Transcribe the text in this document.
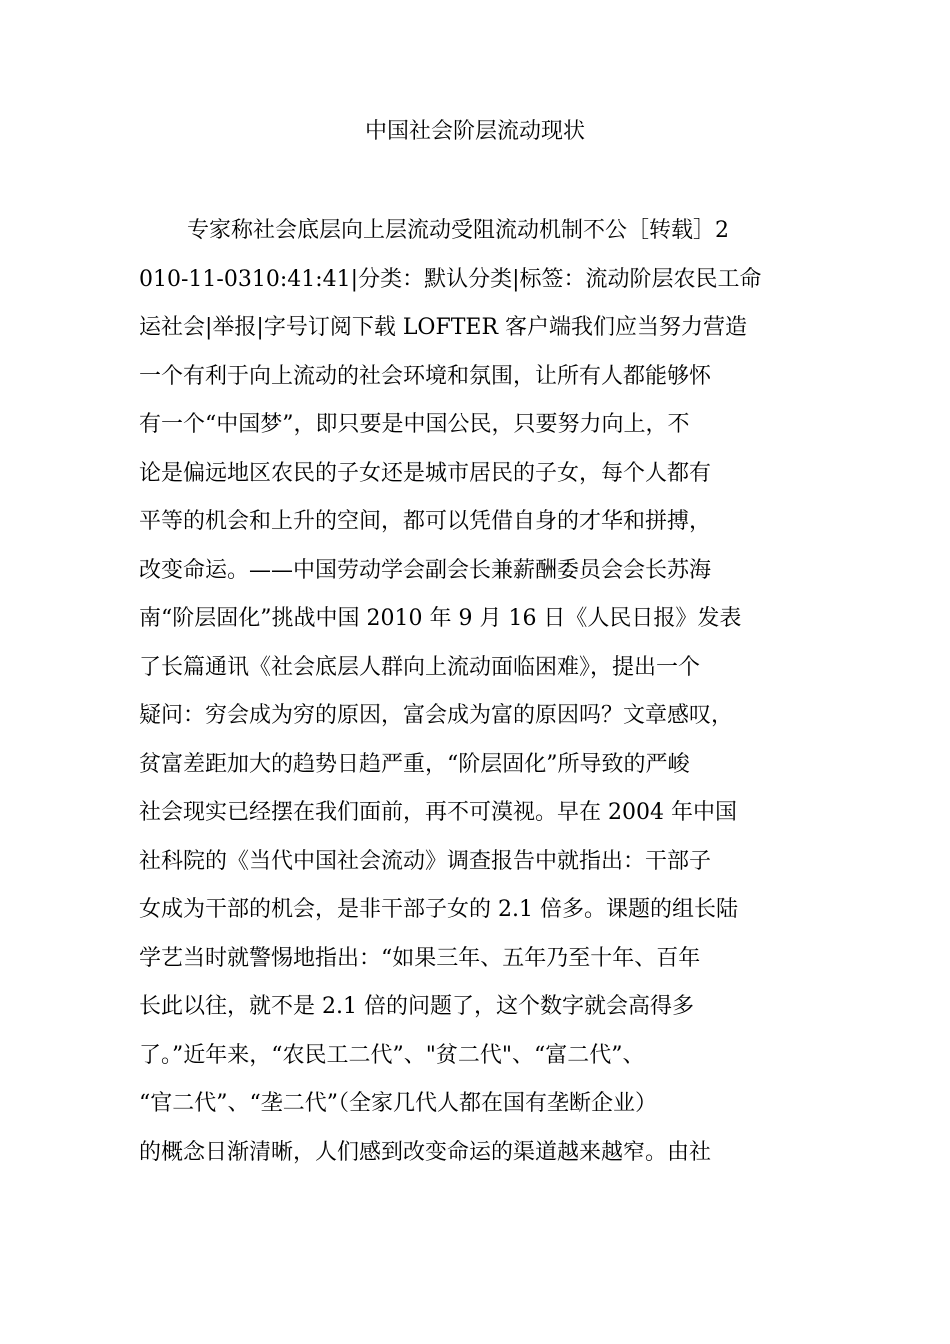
中国社会阶层流动现状
专家称社会底层向上层流动受阻流动机制不公［转载］2
010-11-0310:41:41|分类：默认分类|标签：流动阶层农民工命
运社会|举报|字号订阅下载 LOFTER 客户端我们应当努力营造
一个有利于向上流动的社会环境和氛围，让所有人都能够怀
有一个“中国梦”，即只要是中国公民，只要努力向上，不
论是偏远地区农民的子女还是城市居民的子女，每个人都有
平等的机会和上升的空间，都可以凭借自身的才华和拼搏，
改变命运。——中国劳动学会副会长兼薪酬委员会会长苏海
南“阶层固化”挑战中国 2010 年 9 月 16 日《人民日报》发表
了长篇通讯《社会底层人群向上流动面临困难》，提出一个
疑问：穷会成为穷的原因，富会成为富的原因吗？文章感叹，
贫富差距加大的趋势日趋严重，“阶层固化”所导致的严峻
社会现实已经摆在我们面前，再不可漠视。早在 2004 年中国
社科院的《当代中国社会流动》调查报告中就指出：干部子
女成为干部的机会，是非干部子女的 2.1 倍多。课题的组长陆
学艺当时就警惕地指出：“如果三年、五年乃至十年、百年
长此以往，就不是 2.1 倍的问题了，这个数字就会高得多
了。”近年来，“农民工二代”、"贫二代"、“富二代”、
“官二代”、“垄二代”（全家几代人都在国有垄断企业）
的概念日渐清晰，人们感到改变命运的渠道越来越窄。由社
